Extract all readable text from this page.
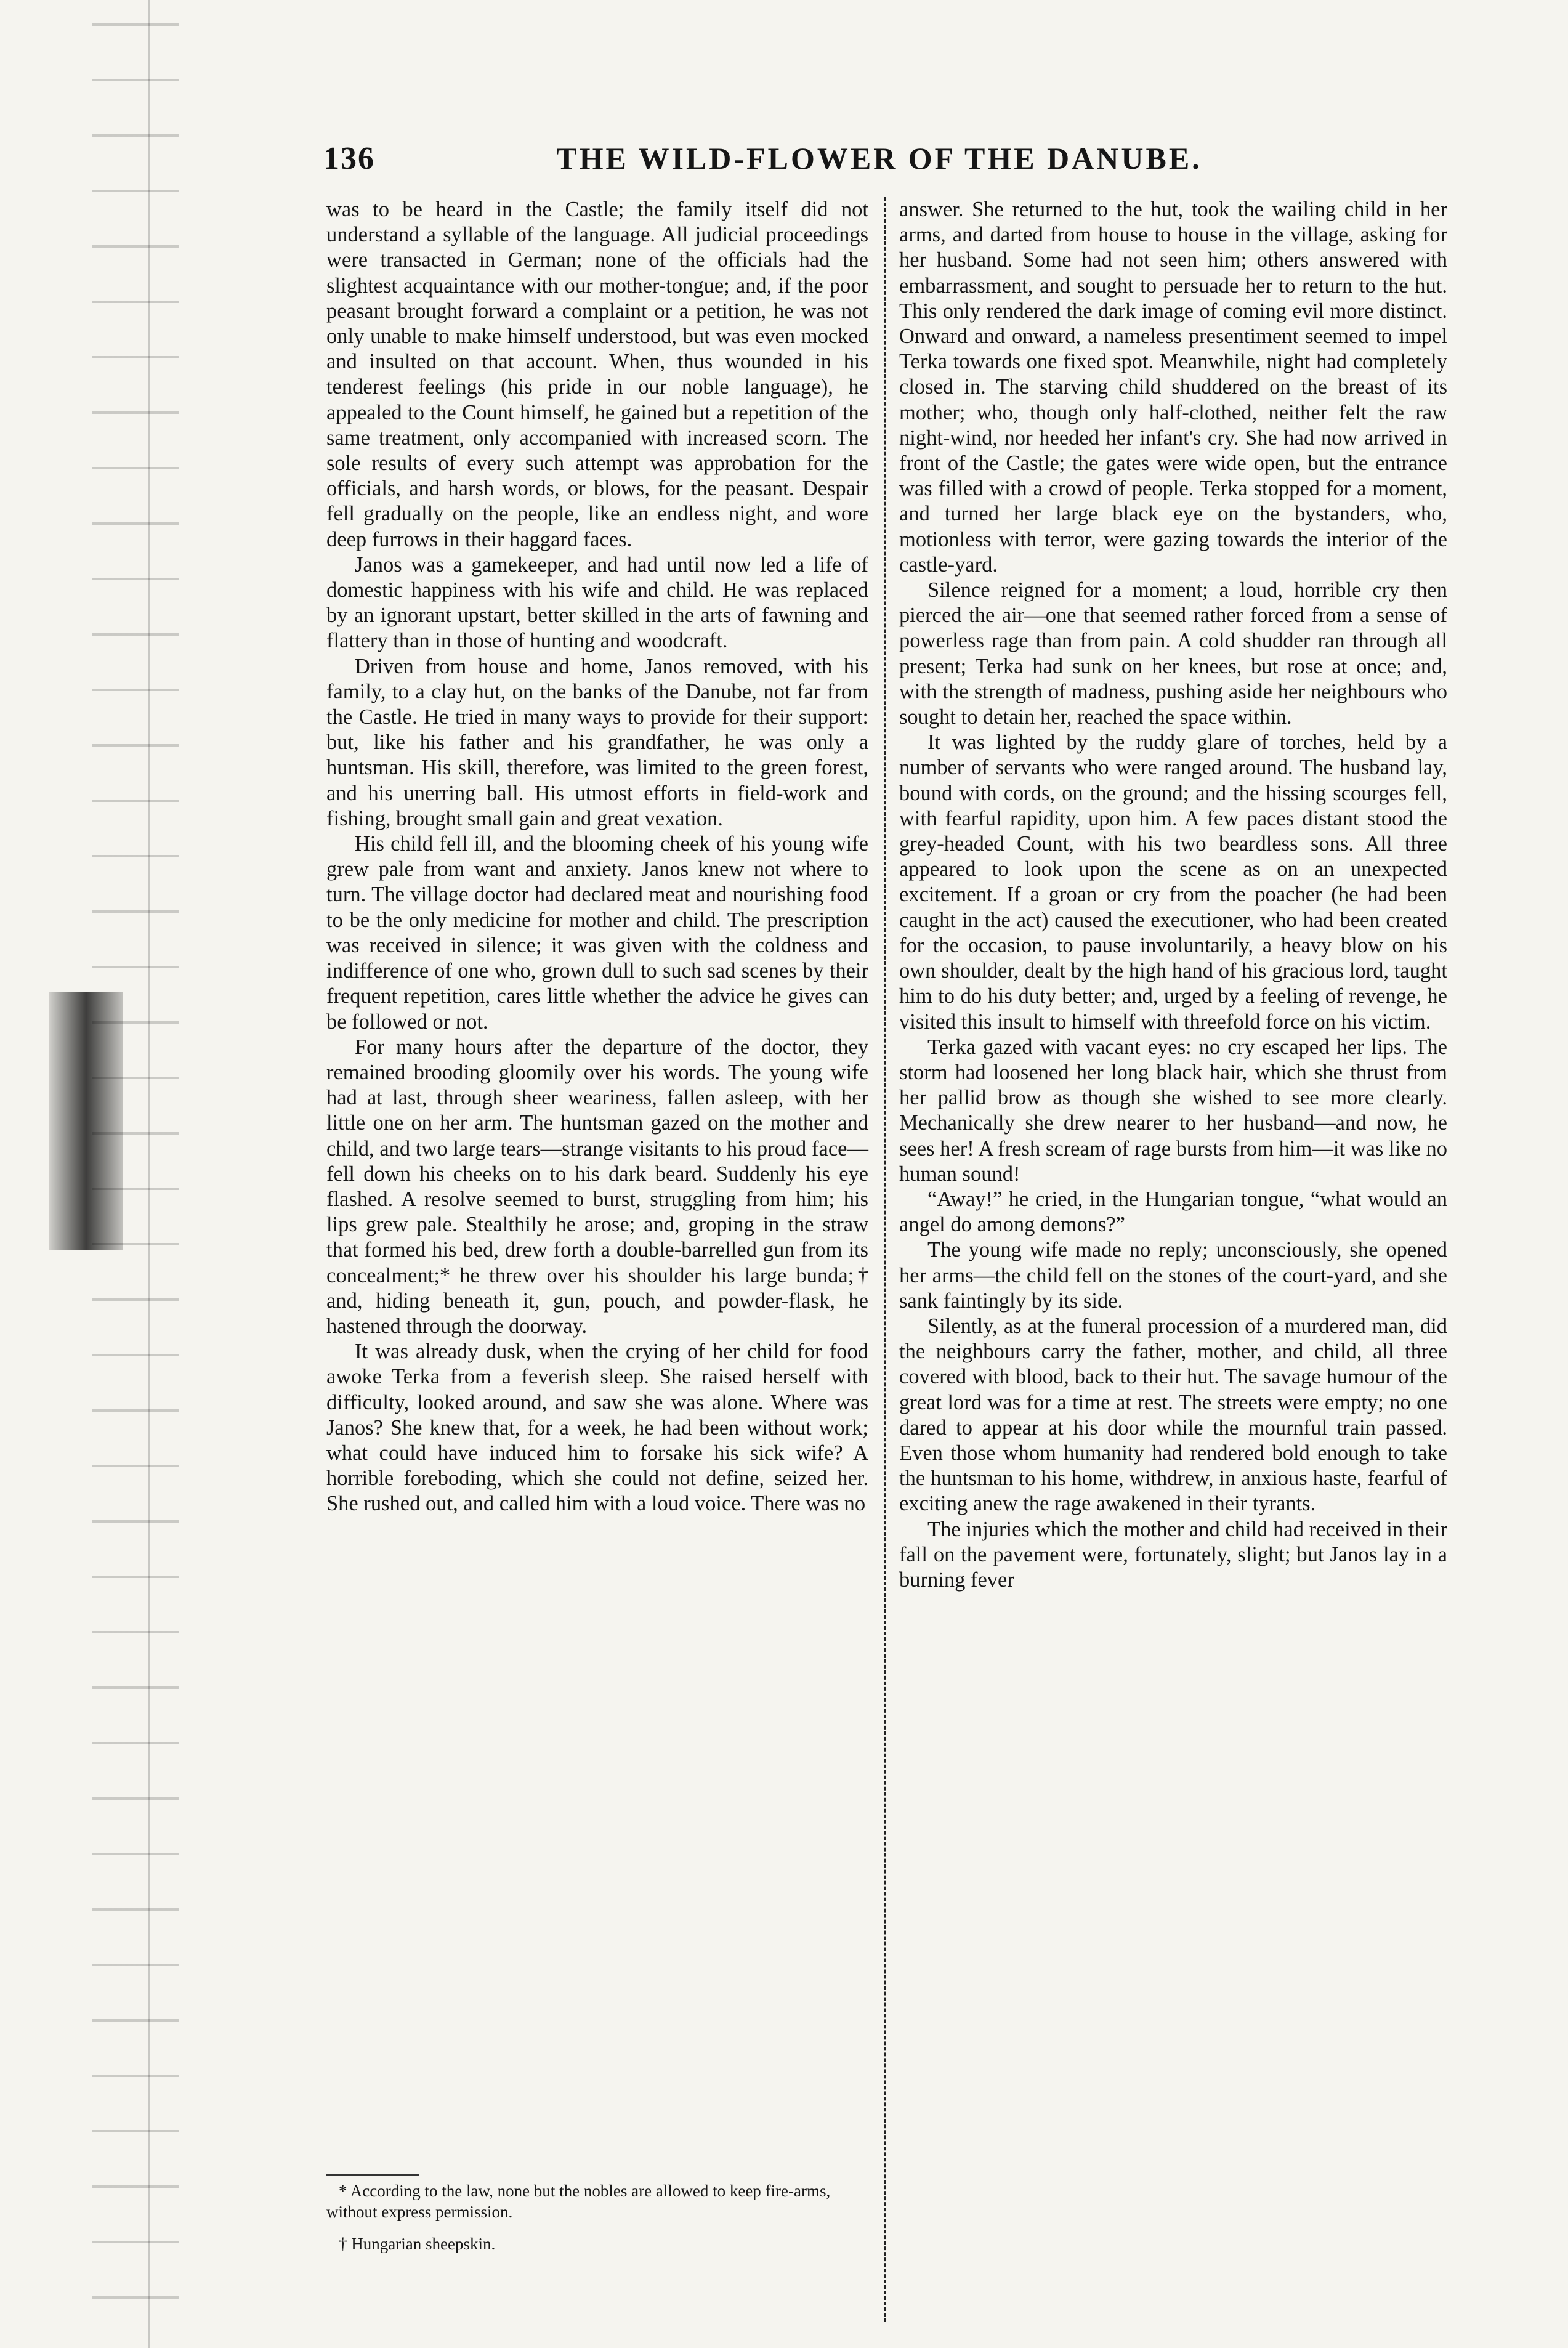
136	THE WILD-FLOWER OF THE DANUBE.

was to be heard in the Castle; the family itself did not understand a syllable of the language. All judicial proceedings were transacted in German; none of the officials had the slightest acquaintance with our mother-tongue; and, if the poor peasant brought forward a complaint or a petition, he was not only unable to make himself understood, but was even mocked and insulted on that account. When, thus wounded in his tenderest feelings (his pride in our noble language), he appealed to the Count himself, he gained but a repetition of the same treatment, only accompanied with increased scorn. The sole results of every such attempt was approbation for the officials, and harsh words, or blows, for the peasant. Despair fell gradually on the people, like an endless night, and wore deep furrows in their haggard faces.

Janos was a gamekeeper, and had until now led a life of domestic happiness with his wife and child. He was replaced by an ignorant upstart, better skilled in the arts of fawning and flattery than in those of hunting and woodcraft.

Driven from house and home, Janos removed, with his family, to a clay hut, on the banks of the Danube, not far from the Castle. He tried in many ways to provide for their support: but, like his father and his grandfather, he was only a huntsman. His skill, therefore, was limited to the green forest, and his unerring ball. His utmost efforts in field-work and fishing, brought small gain and great vexation.

His child fell ill, and the blooming cheek of his young wife grew pale from want and anxiety. Janos knew not where to turn. The village doctor had declared meat and nourishing food to be the only medicine for mother and child. The prescription was received in silence; it was given with the coldness and indifference of one who, grown dull to such sad scenes by their frequent repetition, cares little whether the advice he gives can be followed or not.

For many hours after the departure of the doctor, they remained brooding gloomily over his words. The young wife had at last, through sheer weariness, fallen asleep, with her little one on her arm. The huntsman gazed on the mother and child, and two large tears—strange visitants to his proud face—fell down his cheeks on to his dark beard. Suddenly his eye flashed. A resolve seemed to burst, struggling from him; his lips grew pale. Stealthily he arose; and, groping in the straw that formed his bed, drew forth a double-barrelled gun from its concealment;* he threw over his shoulder his large bunda;† and, hiding beneath it, gun, pouch, and powder-flask, he hastened through the doorway.

It was already dusk, when the crying of her child for food awoke Terka from a feverish sleep. She raised herself with difficulty, looked around, and saw she was alone. Where was Janos? She knew that, for a week, he had been without work; what could have induced him to forsake his sick wife? A horrible foreboding, which she could not define, seized her. She rushed out, and called him with a loud voice. There was no

answer. She returned to the hut, took the wailing child in her arms, and darted from house to house in the village, asking for her husband. Some had not seen him; others answered with embarrassment, and sought to persuade her to return to the hut. This only rendered the dark image of coming evil more distinct. Onward and onward, a nameless presentiment seemed to impel Terka towards one fixed spot. Meanwhile, night had completely closed in. The starving child shuddered on the breast of its mother; who, though only half-clothed, neither felt the raw night-wind, nor heeded her infant's cry. She had now arrived in front of the Castle; the gates were wide open, but the entrance was filled with a crowd of people. Terka stopped for a moment, and turned her large black eye on the bystanders, who, motionless with terror, were gazing towards the interior of the castle-yard.

Silence reigned for a moment; a loud, horrible cry then pierced the air—one that seemed rather forced from a sense of powerless rage than from pain. A cold shudder ran through all present; Terka had sunk on her knees, but rose at once; and, with the strength of madness, pushing aside her neighbours who sought to detain her, reached the space within.

It was lighted by the ruddy glare of torches, held by a number of servants who were ranged around. The husband lay, bound with cords, on the ground; and the hissing scourges fell, with fearful rapidity, upon him. A few paces distant stood the grey-headed Count, with his two beardless sons. All three appeared to look upon the scene as on an unexpected excitement. If a groan or cry from the poacher (he had been caught in the act) caused the executioner, who had been created for the occasion, to pause involuntarily, a heavy blow on his own shoulder, dealt by the high hand of his gracious lord, taught him to do his duty better; and, urged by a feeling of revenge, he visited this insult to himself with threefold force on his victim.

Terka gazed with vacant eyes: no cry escaped her lips. The storm had loosened her long black hair, which she thrust from her pallid brow as though she wished to see more clearly. Mechanically she drew nearer to her husband—and now, he sees her! A fresh scream of rage bursts from him—it was like no human sound!

“Away!” he cried, in the Hungarian tongue, “what would an angel do among demons?”

The young wife made no reply; unconsciously, she opened her arms—the child fell on the stones of the court-yard, and she sank faintingly by its side.

Silently, as at the funeral procession of a murdered man, did the neighbours carry the father, mother, and child, all three covered with blood, back to their hut. The savage humour of the great lord was for a time at rest. The streets were empty; no one dared to appear at his door while the mournful train passed. Even those whom humanity had rendered bold enough to take the huntsman to his home, withdrew, in anxious haste, fearful of exciting anew the rage awakened in their tyrants.

The injuries which the mother and child had received in their fall on the pavement were, fortunately, slight; but Janos lay in a burning fever

* According to the law, none but the nobles are allowed to keep fire-arms, without express permission.

† Hungarian sheepskin.
